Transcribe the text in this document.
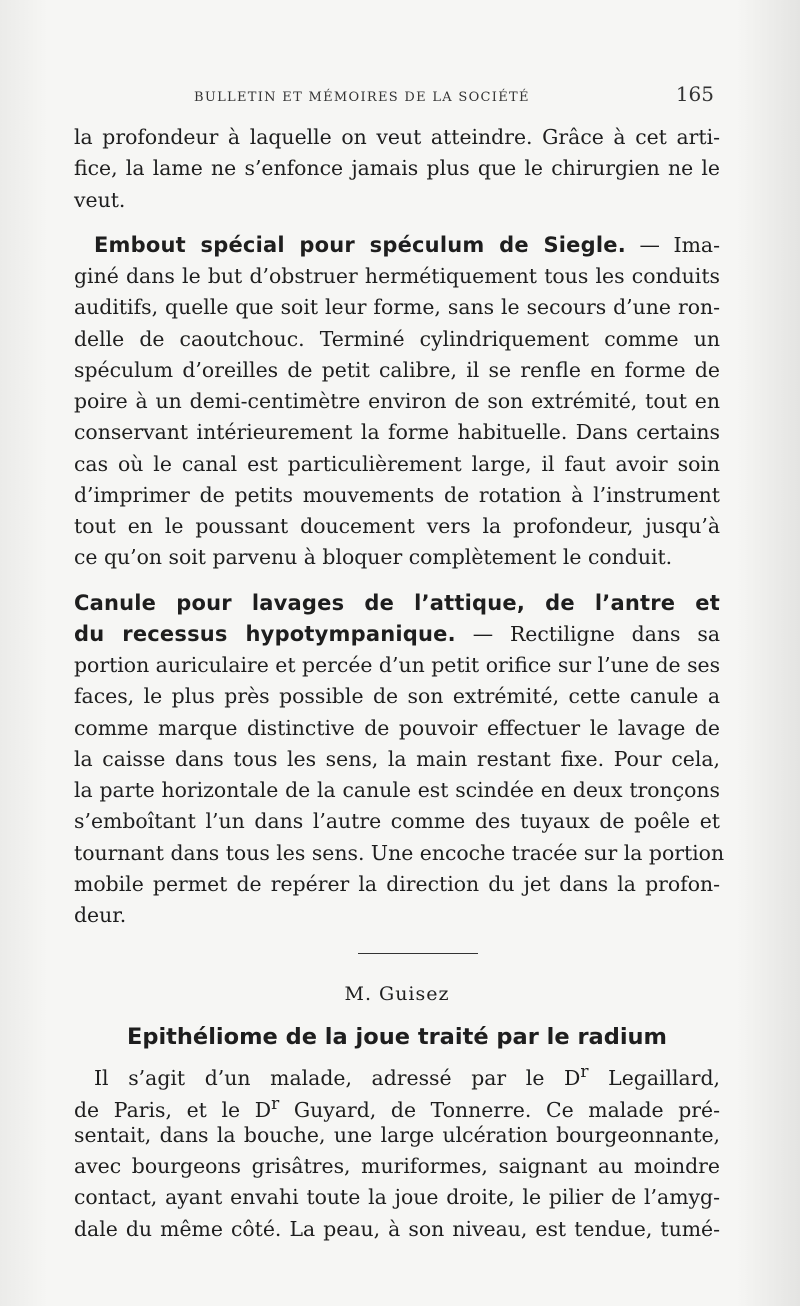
BULLETIN ET MÉMOIRES DE LA SOCIÉTÉ	165
la profondeur à laquelle on veut atteindre. Grâce à cet arti-
fice, la lame ne s’enfonce jamais plus que le chirurgien ne le
veut.
Embout spécial pour spéculum de Siegle. — Ima-
giné dans le but d’obstruer hermétiquement tous les conduits
auditifs, quelle que soit leur forme, sans le secours d’une ron-
delle de caoutchouc. Terminé cylindriquement comme un
spéculum d’oreilles de petit calibre, il se renfle en forme de
poire à un demi-centimètre environ de son extrémité, tout en
conservant intérieurement la forme habituelle. Dans certains
cas où le canal est particulièrement large, il faut avoir soin
d’imprimer de petits mouvements de rotation à l’instrument
tout en le poussant doucement vers la profondeur, jusqu’à
ce qu’on soit parvenu à bloquer complètement le conduit.
Canule pour lavages de l’attique, de l’antre et
du recessus hypotympanique. — Rectiligne dans sa
portion auriculaire et percée d’un petit orifice sur l’une de ses
faces, le plus près possible de son extrémité, cette canule a
comme marque distinctive de pouvoir effectuer le lavage de
la caisse dans tous les sens, la main restant fixe. Pour cela,
la parte horizontale de la canule est scindée en deux tronçons
s’emboîtant l’un dans l’autre comme des tuyaux de poêle et
tournant dans tous les sens. Une encoche tracée sur la portion
mobile permet de repérer la direction du jet dans la profon-
deur.
M. Guisez
Epithéliome de la joue traité par le radium
Il s’agit d’un malade, adressé par le $D^r$ Legaillard,
de Paris, et le $D^r$ Guyard, de Tonnerre. Ce malade pré-
sentait, dans la bouche, une large ulcération bourgeonnante,
avec bourgeons grisâtres, muriformes, saignant au moindre
contact, ayant envahi toute la joue droite, le pilier de l’amyg-
dale du même côté. La peau, à son niveau, est tendue, tumé-
